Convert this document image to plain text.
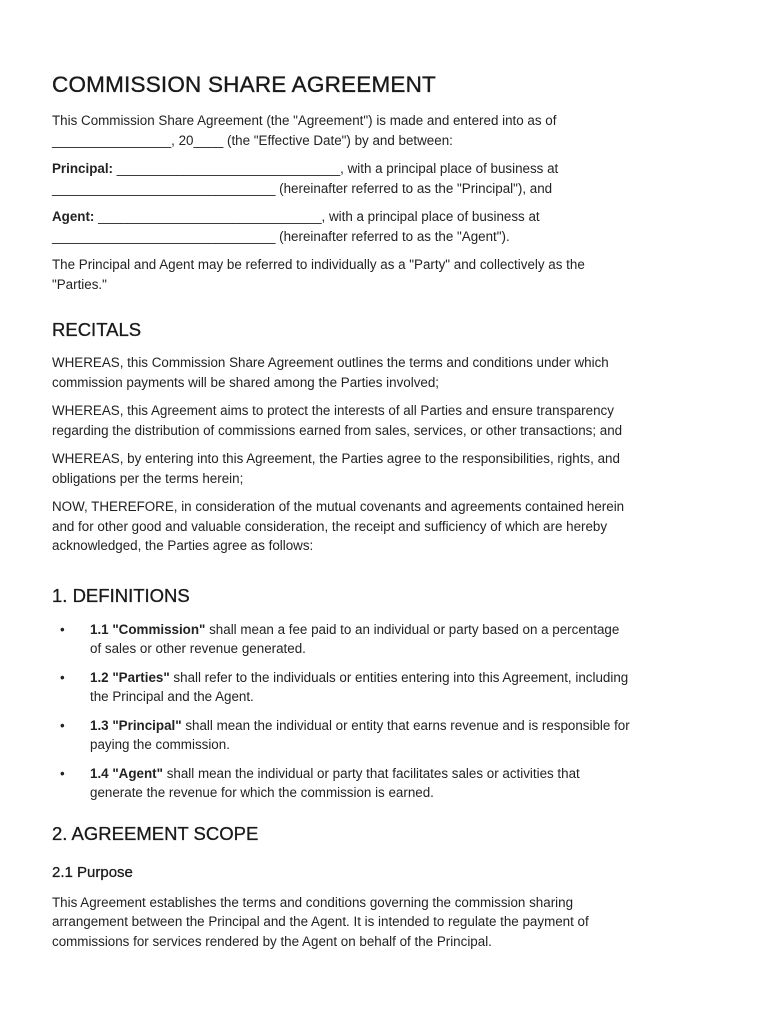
COMMISSION SHARE AGREEMENT

This Commission Share Agreement (the "Agreement") is made and entered into as of
________________, 20____ (the "Effective Date") by and between:

Principal: ______________________________, with a principal place of business at
______________________________ (hereinafter referred to as the "Principal"), and

Agent: ______________________________, with a principal place of business at
______________________________ (hereinafter referred to as the "Agent").

The Principal and Agent may be referred to individually as a "Party" and collectively as the
"Parties."

RECITALS

WHEREAS, this Commission Share Agreement outlines the terms and conditions under which
commission payments will be shared among the Parties involved;

WHEREAS, this Agreement aims to protect the interests of all Parties and ensure transparency
regarding the distribution of commissions earned from sales, services, or other transactions; and

WHEREAS, by entering into this Agreement, the Parties agree to the responsibilities, rights, and
obligations per the terms herein;

NOW, THEREFORE, in consideration of the mutual covenants and agreements contained herein
and for other good and valuable consideration, the receipt and sufficiency of which are hereby
acknowledged, the Parties agree as follows:

1. DEFINITIONS
• 1.1 "Commission" shall mean a fee paid to an individual or party based on a percentage
of sales or other revenue generated.
• 1.2 "Parties" shall refer to the individuals or entities entering into this Agreement, including
the Principal and the Agent.
• 1.3 "Principal" shall mean the individual or entity that earns revenue and is responsible for
paying the commission.
• 1.4 "Agent" shall mean the individual or party that facilitates sales or activities that
generate the revenue for which the commission is earned.
2. AGREEMENT SCOPE
2.1 Purpose

This Agreement establishes the terms and conditions governing the commission sharing
arrangement between the Principal and the Agent. It is intended to regulate the payment of
commissions for services rendered by the Agent on behalf of the Principal.
